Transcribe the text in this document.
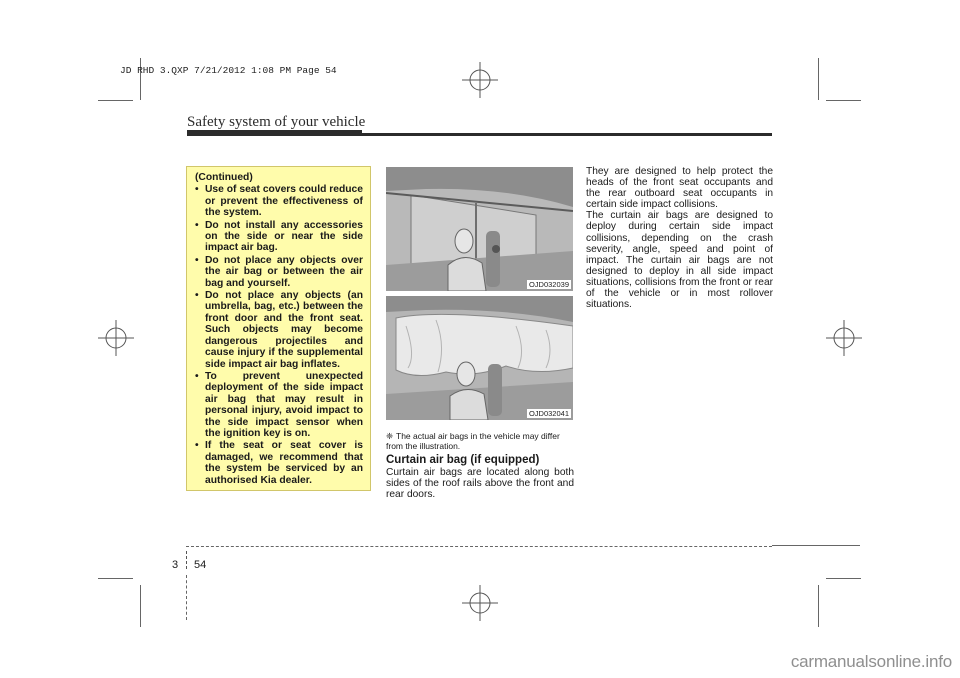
JD RHD 3.QXP 7/21/2012 1:08 PM Page 54
Safety system of your vehicle
(Continued)
• Use of seat covers could reduce or prevent the effectiveness of the system.
• Do not install any accessories on the side or near the side impact air bag.
• Do not place any objects over the air bag or between the air bag and yourself.
• Do not place any objects (an umbrella, bag, etc.) between the front door and the front seat. Such objects may become dangerous projectiles and cause injury if the supplemental side impact air bag inflates.
• To prevent unexpected deployment of the side impact air bag that may result in personal injury, avoid impact to the side impact sensor when the ignition key is on.
• If the seat or seat cover is damaged, we recommend that the system be serviced by an authorised Kia dealer.
OJD032039
OJD032041
❈ The actual air bags in the vehicle may differ from the illustration.
Curtain air bag (if equipped)

Curtain air bags are located along both sides of the roof rails above the front and rear doors.

They are designed to help protect the heads of the front seat occupants and the rear outboard seat occupants in certain side impact collisions.

The curtain air bags are designed to deploy during certain side impact collisions, depending on the crash severity, angle, speed and point of impact. The curtain air bags are not designed to deploy in all side impact situations, collisions from the front or rear of the vehicle or in most rollover situations.

3 54
carmanualsonline.info
